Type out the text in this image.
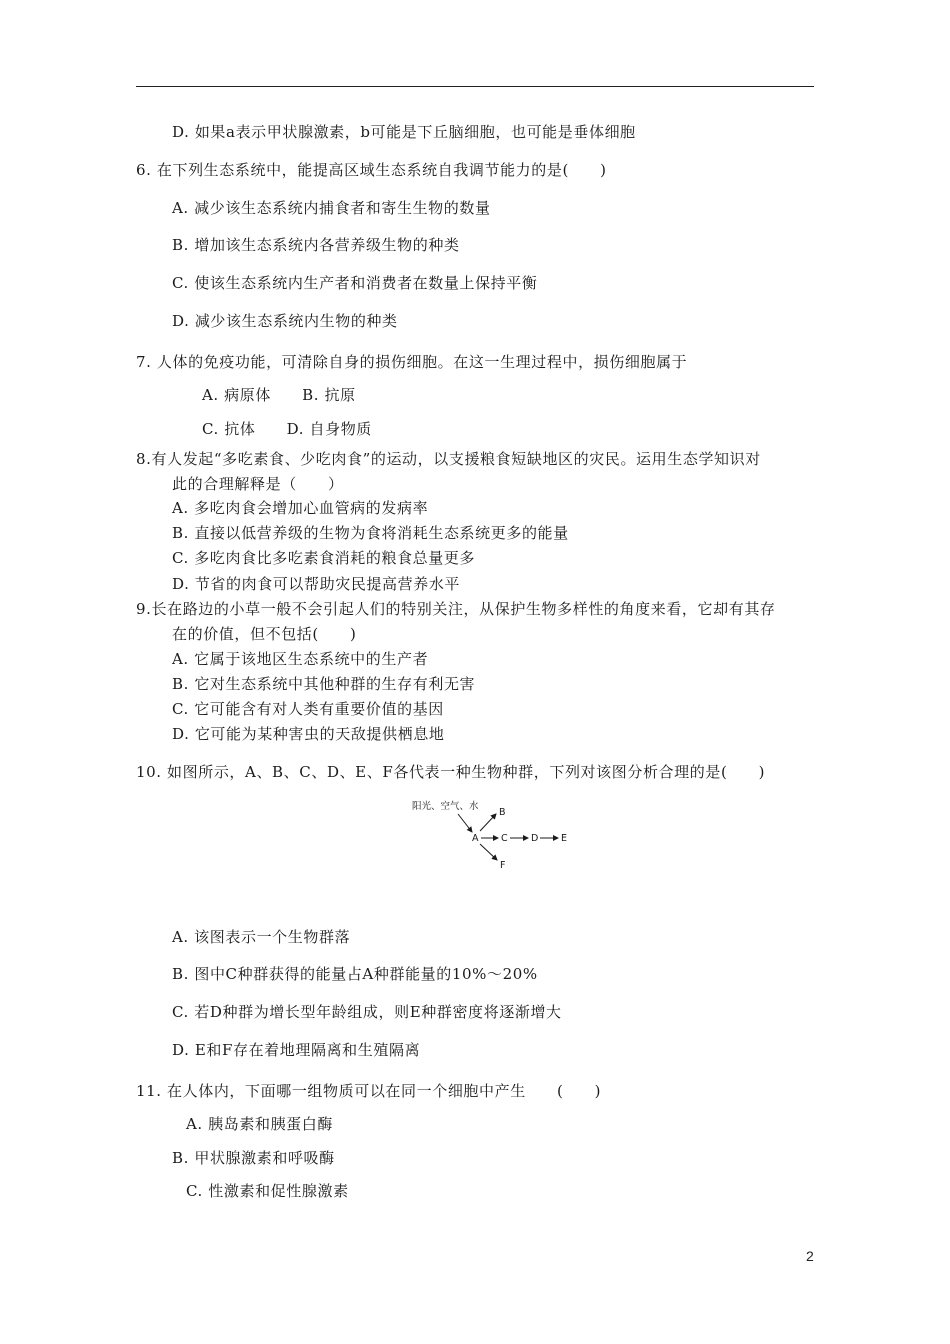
D. 如果a表示甲状腺激素，b可能是下丘脑细胞，也可能是垂体细胞
6. 在下列生态系统中，能提高区域生态系统自我调节能力的是(　　)
A. 减少该生态系统内捕食者和寄生生物的数量
B. 增加该生态系统内各营养级生物的种类
C. 使该生态系统内生产者和消费者在数量上保持平衡
D. 减少该生态系统内生物的种类
7. 人体的免疫功能，可清除自身的损伤细胞。在这一生理过程中，损伤细胞属于
A. 病原体　　B. 抗原
C. 抗体　　D. 自身物质
8.有人发起“多吃素食、少吃肉食”的运动，以支援粮食短缺地区的灾民。运用生态学知识对
此的合理解释是（　　）
A. 多吃肉食会增加心血管病的发病率
B. 直接以低营养级的生物为食将消耗生态系统更多的能量
C. 多吃肉食比多吃素食消耗的粮食总量更多
D. 节省的肉食可以帮助灾民提高营养水平
9.长在路边的小草一般不会引起人们的特别关注，从保护生物多样性的角度来看，它却有其存
在的价值，但不包括(　　)
A. 它属于该地区生态系统中的生产者
B. 它对生态系统中其他种群的生存有利无害
C. 它可能含有对人类有重要价值的基因
D. 它可能为某种害虫的天敌提供栖息地
10. 如图所示，A、B、C、D、E、F各代表一种生物种群，下列对该图分析合理的是(　　)
阳光、空气、水
A
B
C D E
F
A. 该图表示一个生物群落
B. 图中C种群获得的能量占A种群能量的10%～20%
C. 若D种群为增长型年龄组成，则E种群密度将逐渐增大
D. E和F存在着地理隔离和生殖隔离
11. 在人体内，下面哪一组物质可以在同一个细胞中产生　　(　　)
A. 胰岛素和胰蛋白酶
B. 甲状腺激素和呼吸酶
C. 性激素和促性腺激素
2
